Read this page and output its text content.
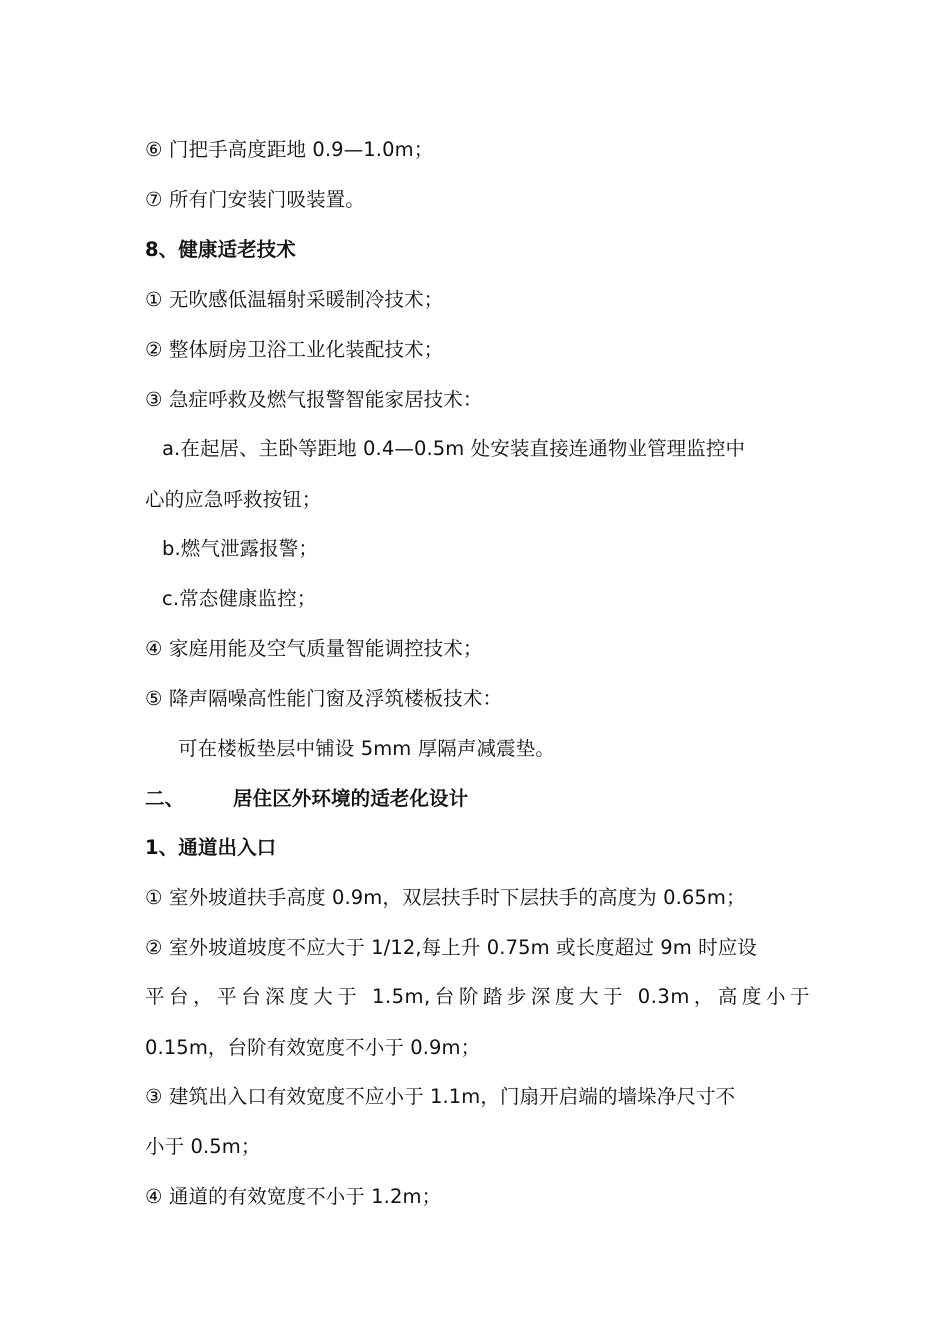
⑥ 门把手高度距地 0.9—1.0m；
⑦ 所有门安装门吸装置。
8、健康适老技术
① 无吹感低温辐射采暖制冷技术；
② 整体厨房卫浴工业化装配技术；
③ 急症呼救及燃气报警智能家居技术：
a.在起居、主卧等距地 0.4—0.5m 处安装直接连通物业管理监控中
心的应急呼救按钮；
b.燃气泄露报警；
c.常态健康监控；
④ 家庭用能及空气质量智能调控技术；
⑤ 降声隔噪高性能门窗及浮筑楼板技术：
可在楼板垫层中铺设 5mm 厚隔声减震垫。
二、	居住区外环境的适老化设计
1、通道出入口
① 室外坡道扶手高度 0.9m，双层扶手时下层扶手的高度为 0.65m；
② 室外坡道坡度不应大于 1/12,每上升 0.75m 或长度超过 9m 时应设
平台，平台深度大于 1.5m,台阶踏步深度大于 0.3m，高度小于
0.15m，台阶有效宽度不小于 0.9m；
③ 建筑出入口有效宽度不应小于 1.1m，门扇开启端的墙垛净尺寸不
小于 0.5m；
④ 通道的有效宽度不小于 1.2m；
